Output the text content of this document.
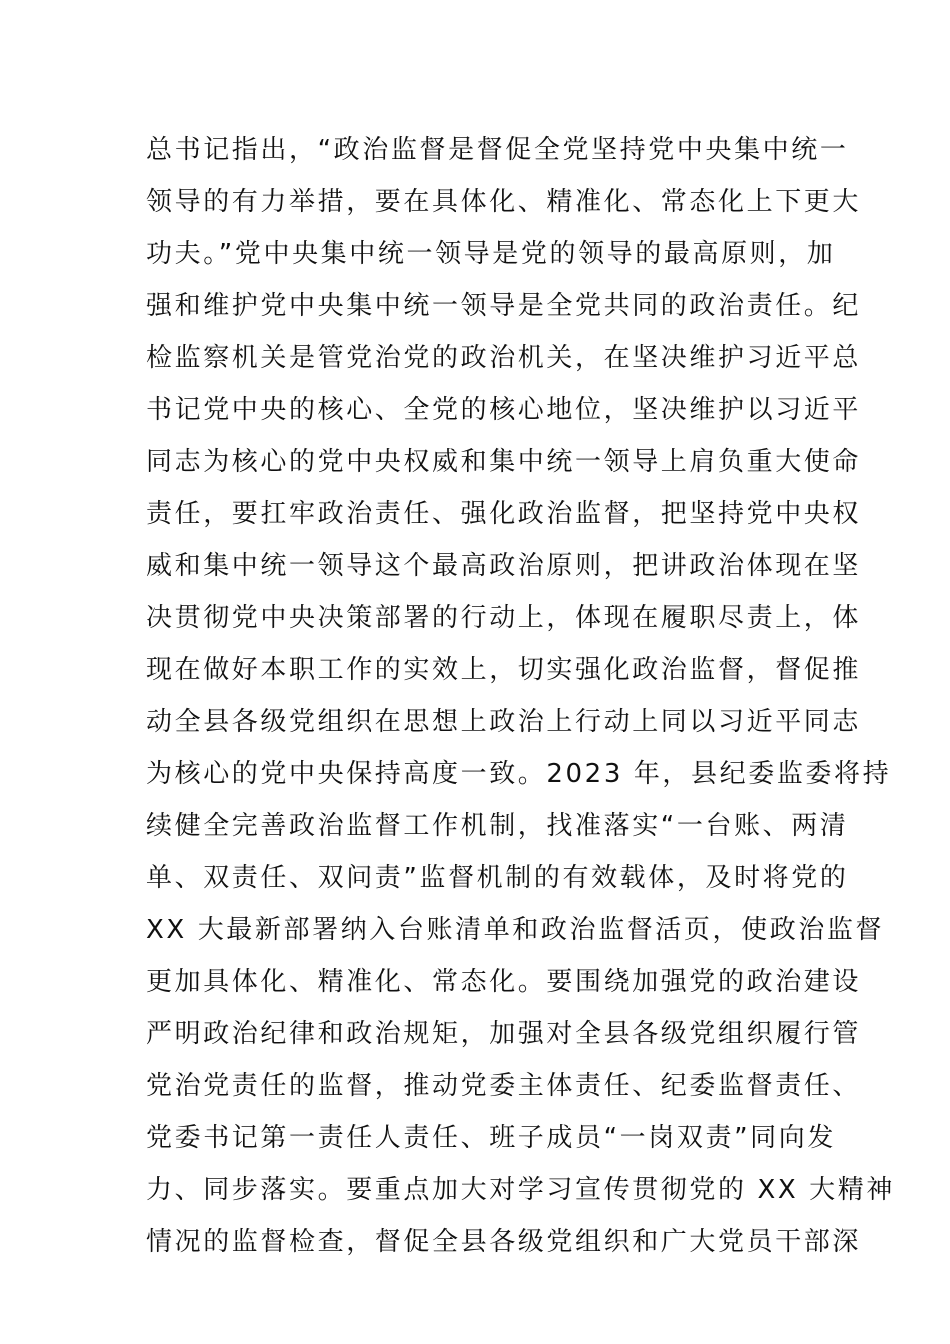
总书记指出，“政治监督是督促全党坚持党中央集中统一
领导的有力举措，要在具体化、精准化、常态化上下更大
功夫。”党中央集中统一领导是党的领导的最高原则，加
强和维护党中央集中统一领导是全党共同的政治责任。纪
检监察机关是管党治党的政治机关，在坚决维护习近平总
书记党中央的核心、全党的核心地位，坚决维护以习近平
同志为核心的党中央权威和集中统一领导上肩负重大使命
责任，要扛牢政治责任、强化政治监督，把坚持党中央权
威和集中统一领导这个最高政治原则，把讲政治体现在坚
决贯彻党中央决策部署的行动上，体现在履职尽责上，体
现在做好本职工作的实效上，切实强化政治监督，督促推
动全县各级党组织在思想上政治上行动上同以习近平同志
为核心的党中央保持高度一致。2023 年，县纪委监委将持
续健全完善政治监督工作机制，找准落实“一台账、两清
单、双责任、双问责”监督机制的有效载体，及时将党的
XX 大最新部署纳入台账清单和政治监督活页，使政治监督
更加具体化、精准化、常态化。要围绕加强党的政治建设
严明政治纪律和政治规矩，加强对全县各级党组织履行管
党治党责任的监督，推动党委主体责任、纪委监督责任、
党委书记第一责任人责任、班子成员“一岗双责”同向发
力、同步落实。要重点加大对学习宣传贯彻党的 XX 大精神
情况的监督检查，督促全县各级党组织和广大党员干部深
